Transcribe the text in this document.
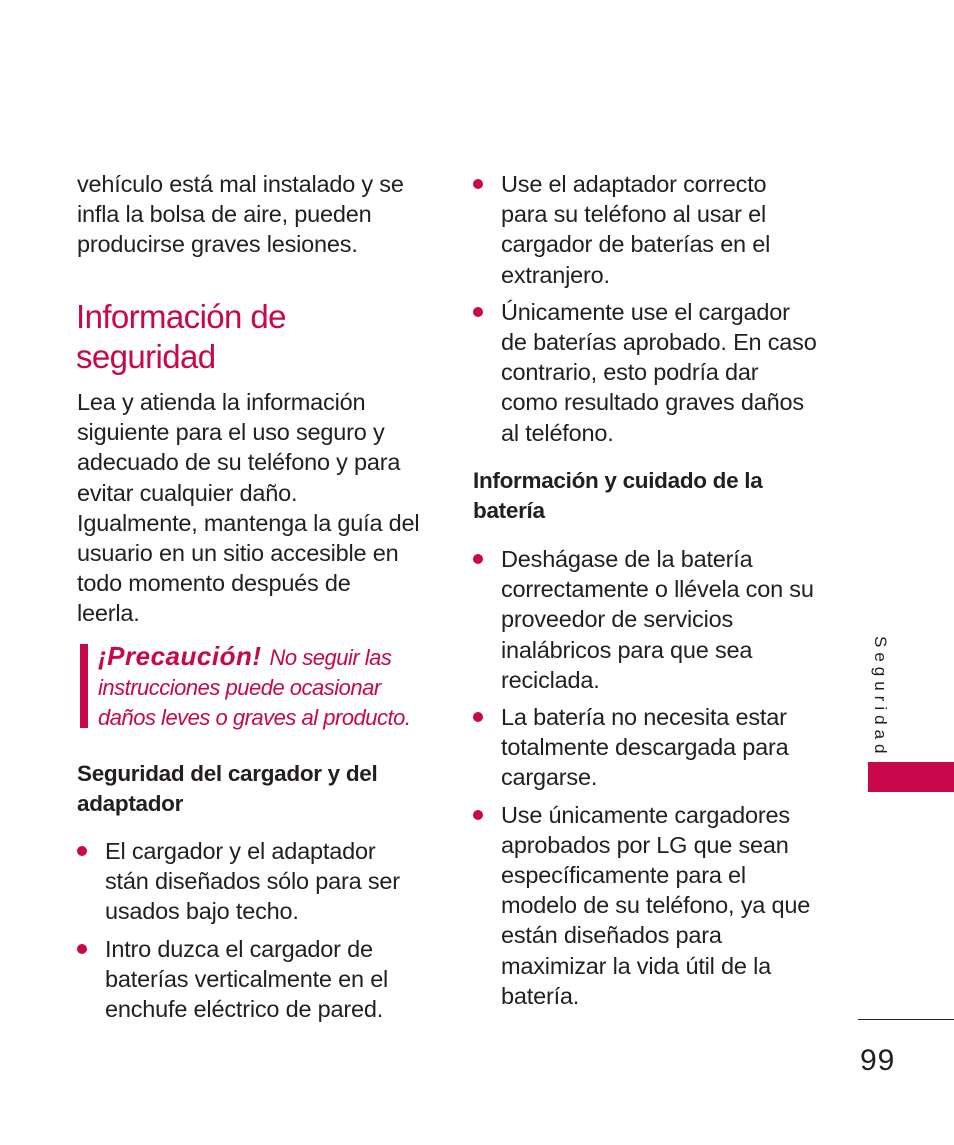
vehículo está mal instalado y se
infla la bolsa de aire, pueden
producirse graves lesiones.
Información de
seguridad
Lea y atienda la información
siguiente para el uso seguro y
adecuado de su teléfono y para
evitar cualquier daño.
Igualmente, mantenga la guía del
usuario en un sitio accesible en
todo momento después de
leerla.
¡Precaución! No seguir las
instrucciones puede ocasionar
daños leves o graves al producto.
Seguridad del cargador y del
adaptador
El cargador y el adaptador
stán diseñados sólo para ser
usados bajo techo.
Intro duzca el cargador de
baterías verticalmente en el
enchufe eléctrico de pared.
Use el adaptador correcto
para su teléfono al usar el
cargador de baterías en el
extranjero.
Únicamente use el cargador
de baterías aprobado. En caso
contrario, esto podría dar
como resultado graves daños
al teléfono.
Información y cuidado de la
batería
Deshágase de la batería
correctamente o llévela con su
proveedor de servicios
inalábricos para que sea
reciclada.
La batería no necesita estar
totalmente descargada para
cargarse.
Use únicamente cargadores
aprobados por LG que sean
específicamente para el
modelo de su teléfono, ya que
están diseñados para
maximizar la vida útil de la
batería.
Seguridad
99
